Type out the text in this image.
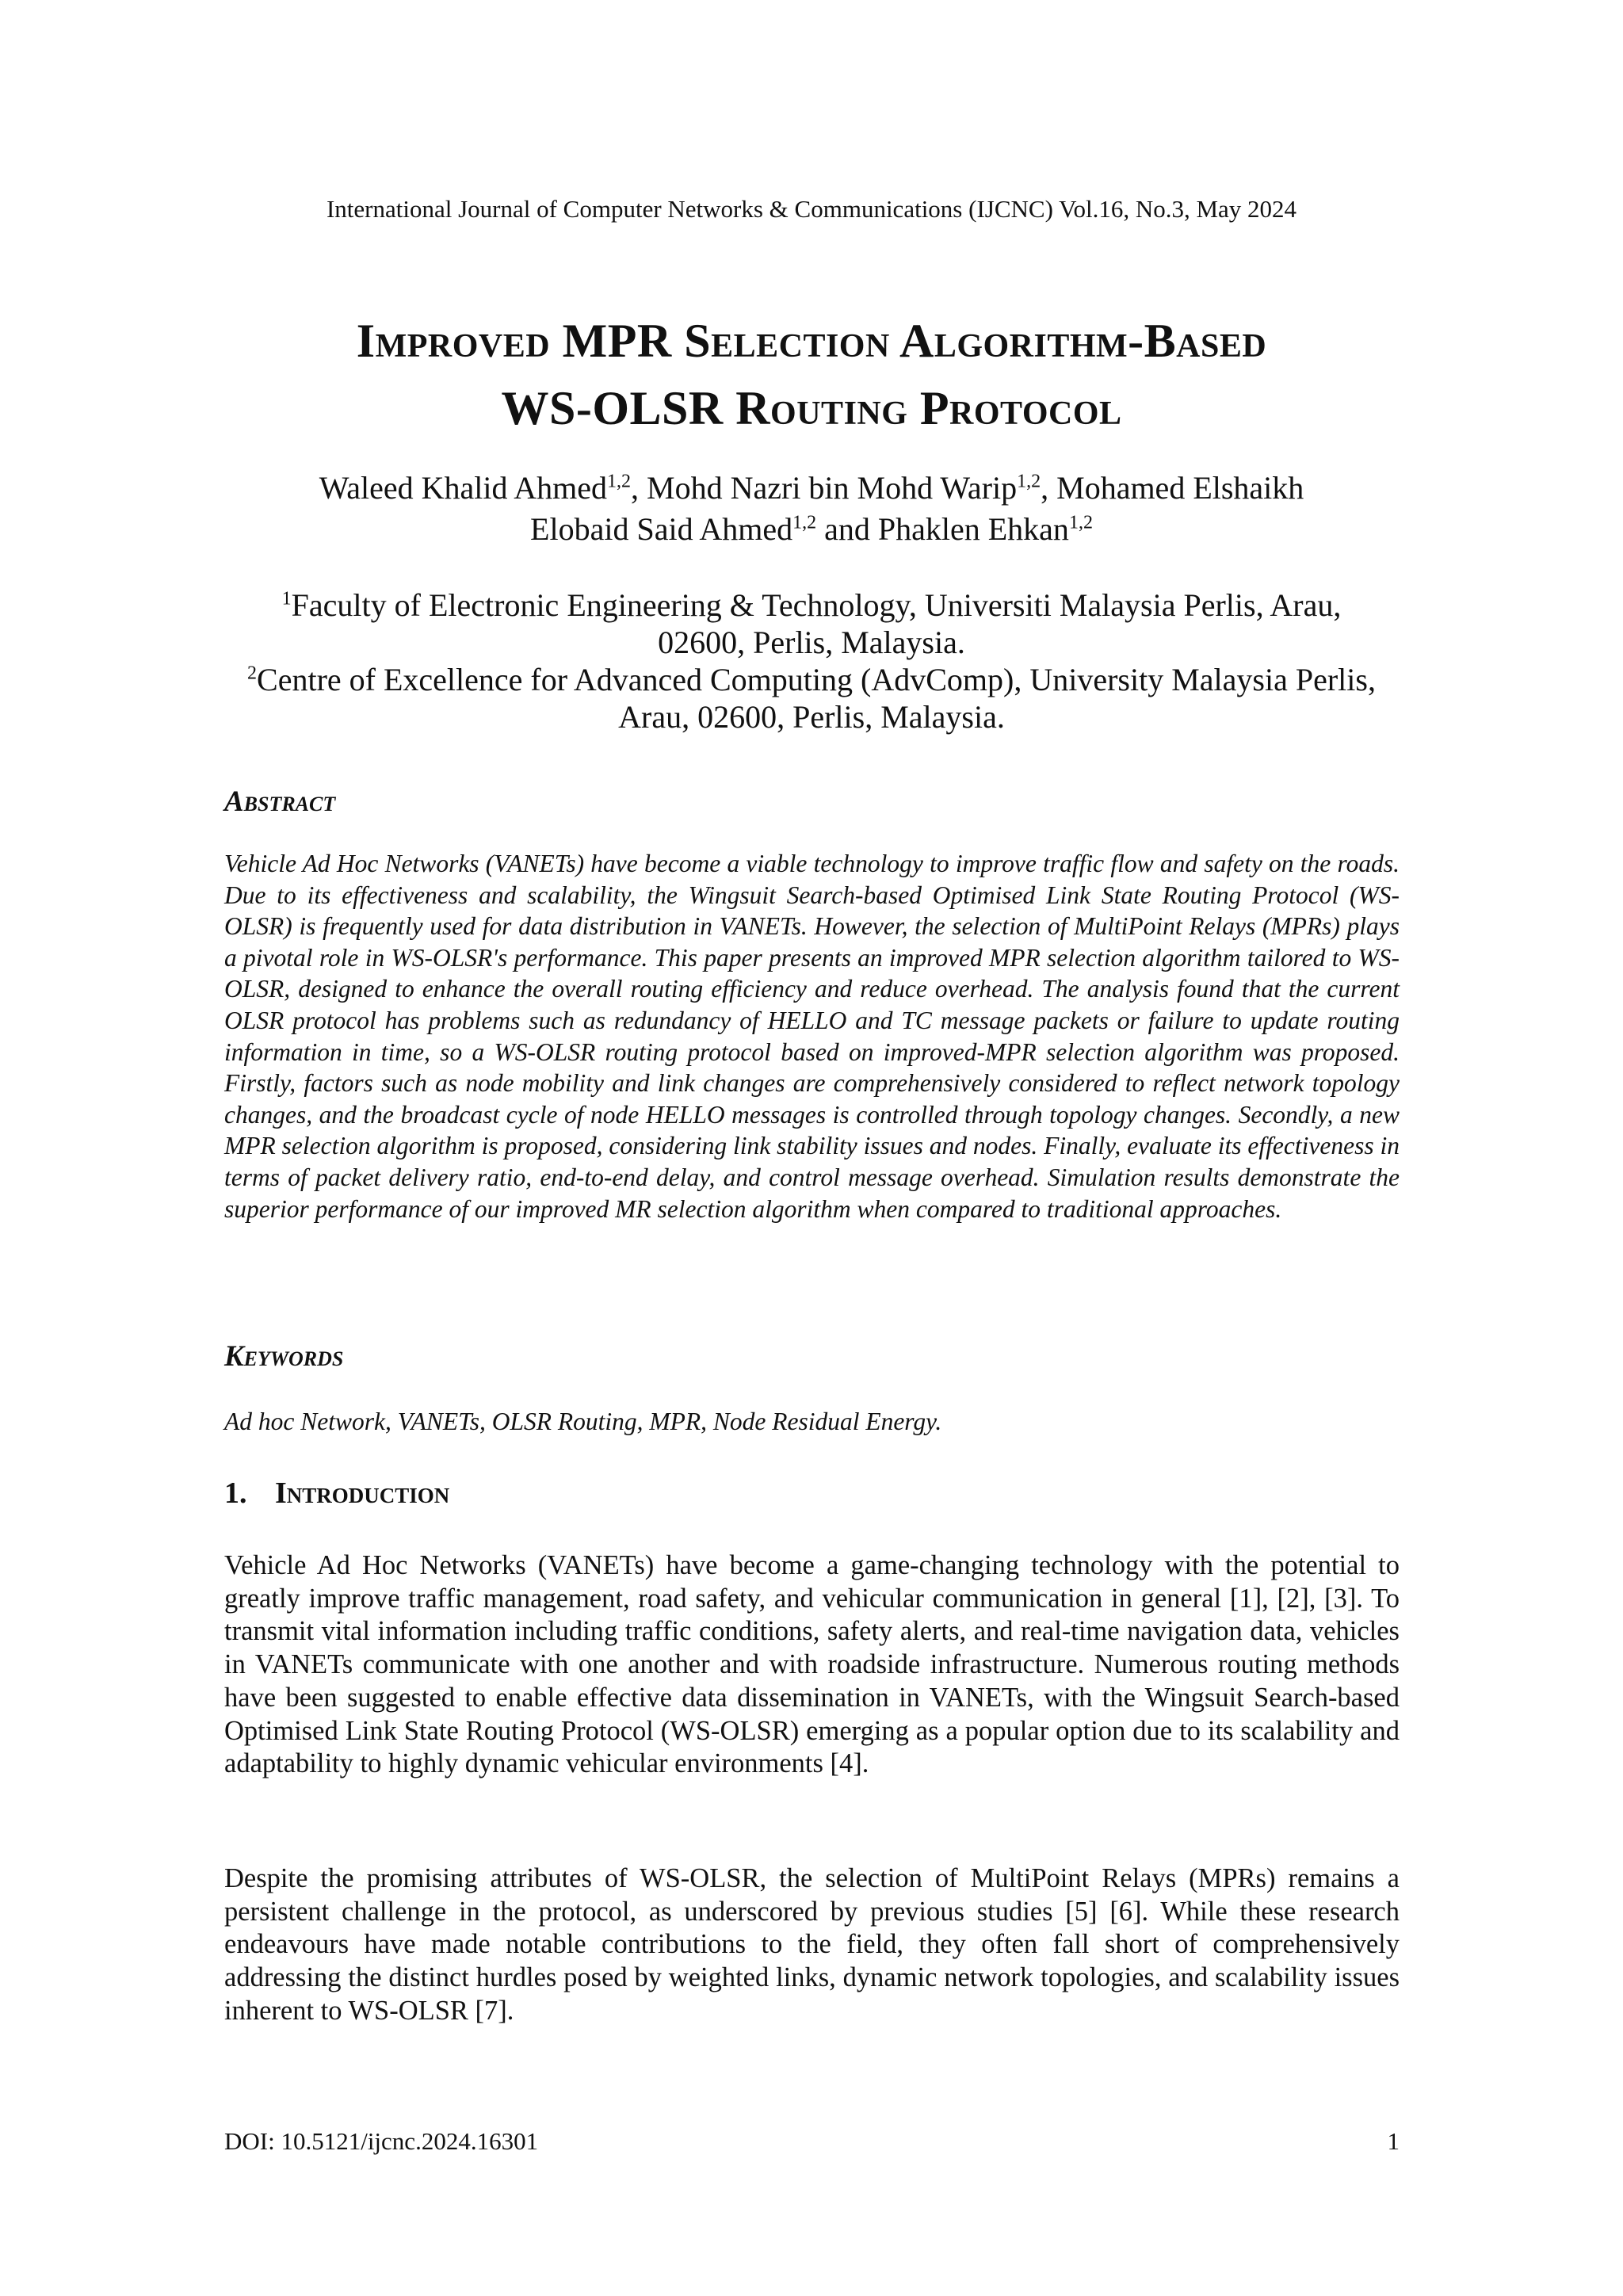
International Journal of Computer Networks & Communications (IJCNC) Vol.16, No.3, May 2024
Improved MPR Selection Algorithm-Based
WS-OLSR Routing Protocol
Waleed Khalid Ahmed$^{1,2}$, Mohd Nazri bin Mohd Warip$^{1,2}$, Mohamed Elshaikh
Elobaid Said Ahmed$^{1,2}$ and Phaklen Ehkan$^{1,2}$

$^1$Faculty of Electronic Engineering & Technology, Universiti Malaysia Perlis, Arau,

02600, Perlis, Malaysia.

$^2$Centre of Excellence for Advanced Computing (AdvComp), University Malaysia Perlis,

Arau, 02600, Perlis, Malaysia.

Abstract
Vehicle Ad Hoc Networks (VANETs) have become a viable technology to improve traffic flow and safety on the roads. Due to its effectiveness and scalability, the Wingsuit Search-based Optimised Link State Routing Protocol (WS-OLSR) is frequently used for data distribution in VANETs. However, the selection of MultiPoint Relays (MPRs) plays a pivotal role in WS-OLSR's performance. This paper presents an improved MPR selection algorithm tailored to WS-OLSR, designed to enhance the overall routing efficiency and reduce overhead. The analysis found that the current OLSR protocol has problems such as redundancy of HELLO and TC message packets or failure to update routing information in time, so a WS-OLSR routing protocol based on improved-MPR selection algorithm was proposed. Firstly, factors such as node mobility and link changes are comprehensively considered to reflect network topology changes, and the broadcast cycle of node HELLO messages is controlled through topology changes. Secondly, a new MPR selection algorithm is proposed, considering link stability issues and nodes. Finally, evaluate its effectiveness in terms of packet delivery ratio, end-to-end delay, and control message overhead. Simulation results demonstrate the superior performance of our improved MR selection algorithm when compared to traditional approaches.
Keywords
Ad hoc Network, VANETs, OLSR Routing, MPR, Node Residual Energy.
1. Introduction
Vehicle Ad Hoc Networks (VANETs) have become a game-changing technology with the potential to greatly improve traffic management, road safety, and vehicular communication in general [1], [2], [3]. To transmit vital information including traffic conditions, safety alerts, and real-time navigation data, vehicles in VANETs communicate with one another and with roadside infrastructure. Numerous routing methods have been suggested to enable effective data dissemination in VANETs, with the Wingsuit Search-based Optimised Link State Routing Protocol (WS-OLSR) emerging as a popular option due to its scalability and adaptability to highly dynamic vehicular environments [4].
Despite the promising attributes of WS-OLSR, the selection of MultiPoint Relays (MPRs) remains a persistent challenge in the protocol, as underscored by previous studies [5] [6]. While these research endeavours have made notable contributions to the field, they often fall short of comprehensively addressing the distinct hurdles posed by weighted links, dynamic network topologies, and scalability issues inherent to WS-OLSR [7].
DOI: 10.5121/ijcnc.2024.16301	1
